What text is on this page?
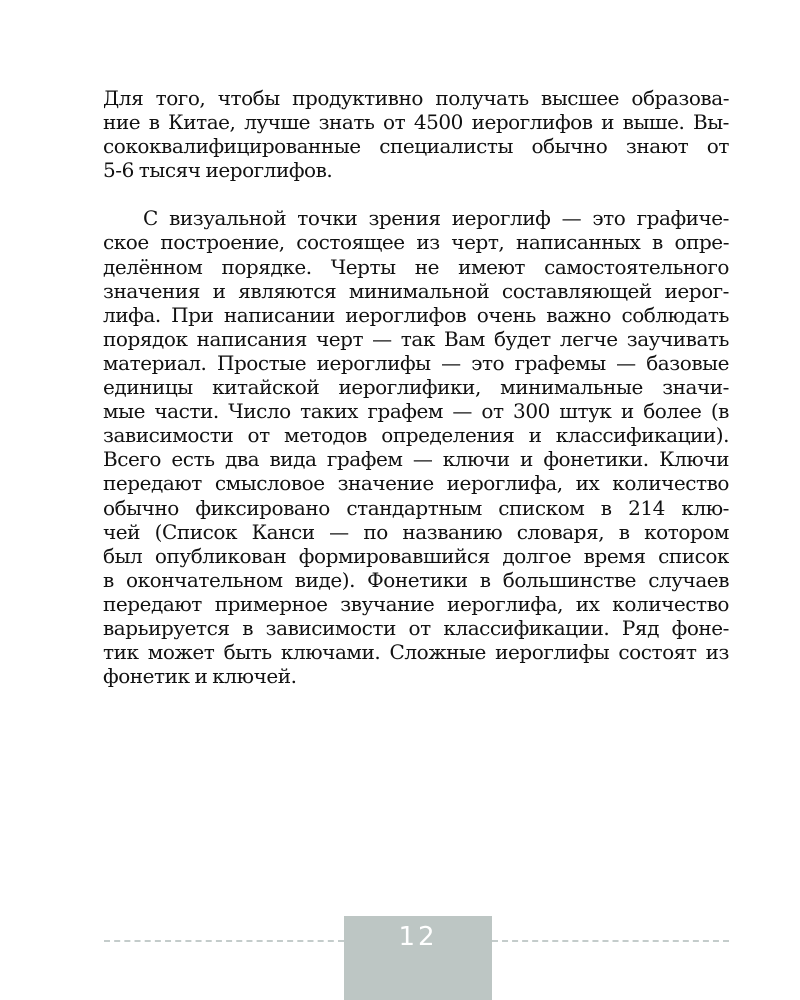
Для того, чтобы продуктивно получать высшее образова-
ние в Китае, лучше знать от 4500 иероглифов и выше. Вы-
сококвалифицированные специалисты обычно знают от
5-6 тысяч иероглифов.
С визуальной точки зрения иероглиф — это графиче-
ское построение, состоящее из черт, написанных в опре-
делённом порядке. Черты не имеют самостоятельного
значения и являются минимальной составляющей иерог-
лифа. При написании иероглифов очень важно соблюдать
порядок написания черт — так Вам будет легче заучивать
материал. Простые иероглифы — это графемы — базовые
единицы китайской иероглифики, минимальные значи-
мые части. Число таких графем — от 300 штук и более (в
зависимости от методов определения и классификации).
Всего есть два вида графем — ключи и фонетики. Ключи
передают смысловое значение иероглифа, их количество
обычно фиксировано стандартным списком в 214 клю-
чей (Список Канси — по названию словаря, в котором
был опубликован формировавшийся долгое время список
в окончательном виде). Фонетики в большинстве случаев
передают примерное звучание иероглифа, их количество
варьируется в зависимости от классификации. Ряд фоне-
тик может быть ключами. Сложные иероглифы состоят из
фонетик и ключей.
12
